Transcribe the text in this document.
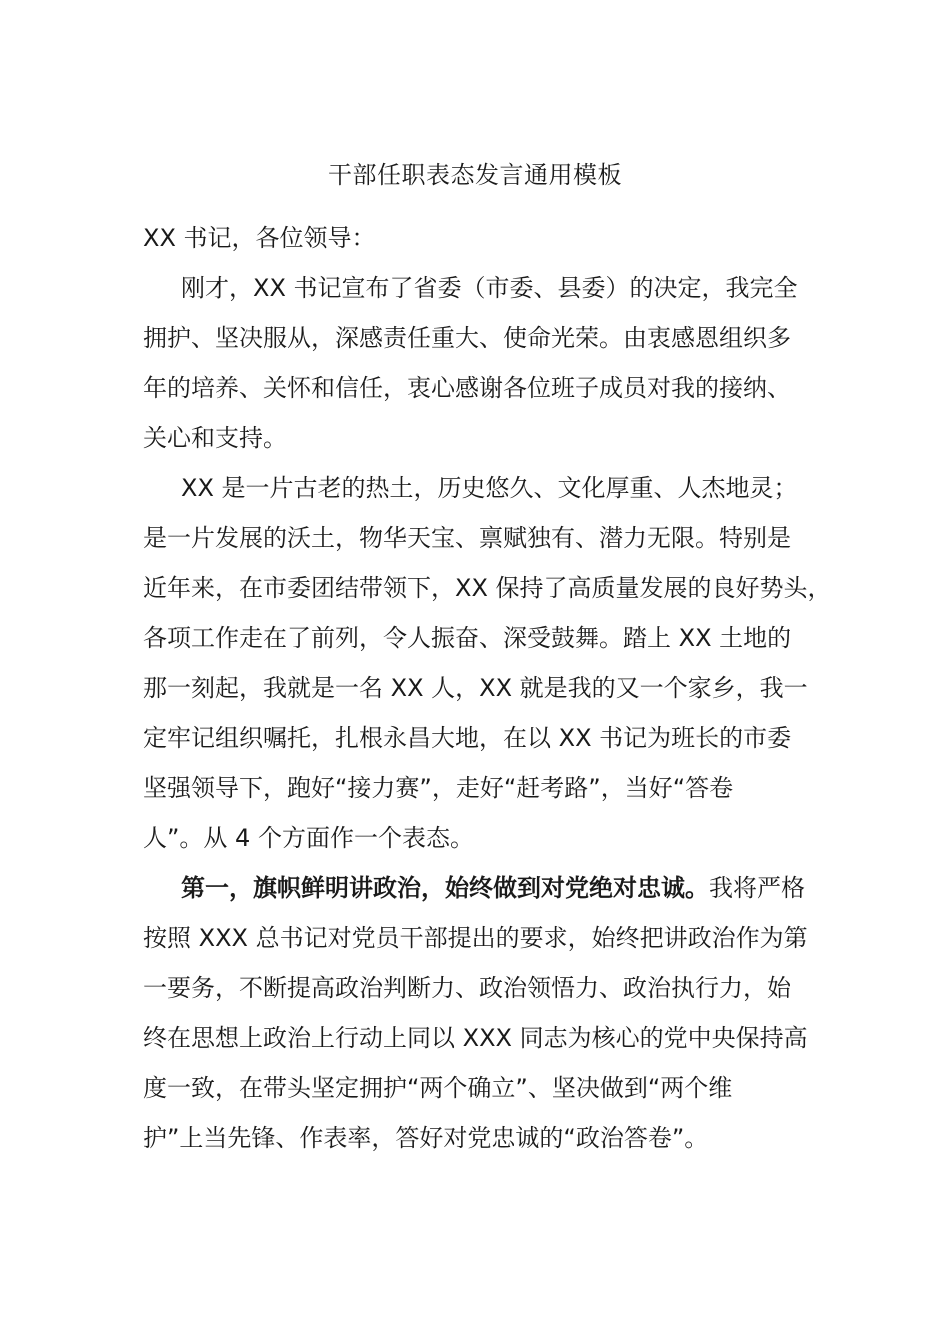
干部任职表态发言通用模板
XX 书记，各位领导：
刚才，XX 书记宣布了省委（市委、县委）的决定，我完全
拥护、坚决服从，深感责任重大、使命光荣。由衷感恩组织多
年的培养、关怀和信任，衷心感谢各位班子成员对我的接纳、
关心和支持。
XX 是一片古老的热土，历史悠久、文化厚重、人杰地灵；
是一片发展的沃土，物华天宝、禀赋独有、潜力无限。特别是
近年来，在市委团结带领下，XX 保持了高质量发展的良好势头，
各项工作走在了前列，令人振奋、深受鼓舞。踏上 XX 土地的
那一刻起，我就是一名 XX 人，XX 就是我的又一个家乡，我一
定牢记组织嘱托，扎根永昌大地，在以 XX 书记为班长的市委
坚强领导下，跑好“接力赛”，走好“赶考路”，当好“答卷
人”。从 4 个方面作一个表态。
第一，旗帜鲜明讲政治，始终做到对党绝对忠诚。我将严格
按照 XXX 总书记对党员干部提出的要求，始终把讲政治作为第
一要务，不断提高政治判断力、政治领悟力、政治执行力，始
终在思想上政治上行动上同以 XXX 同志为核心的党中央保持高
度一致，在带头坚定拥护“两个确立”、坚决做到“两个维
护”上当先锋、作表率，答好对党忠诚的“政治答卷”。
